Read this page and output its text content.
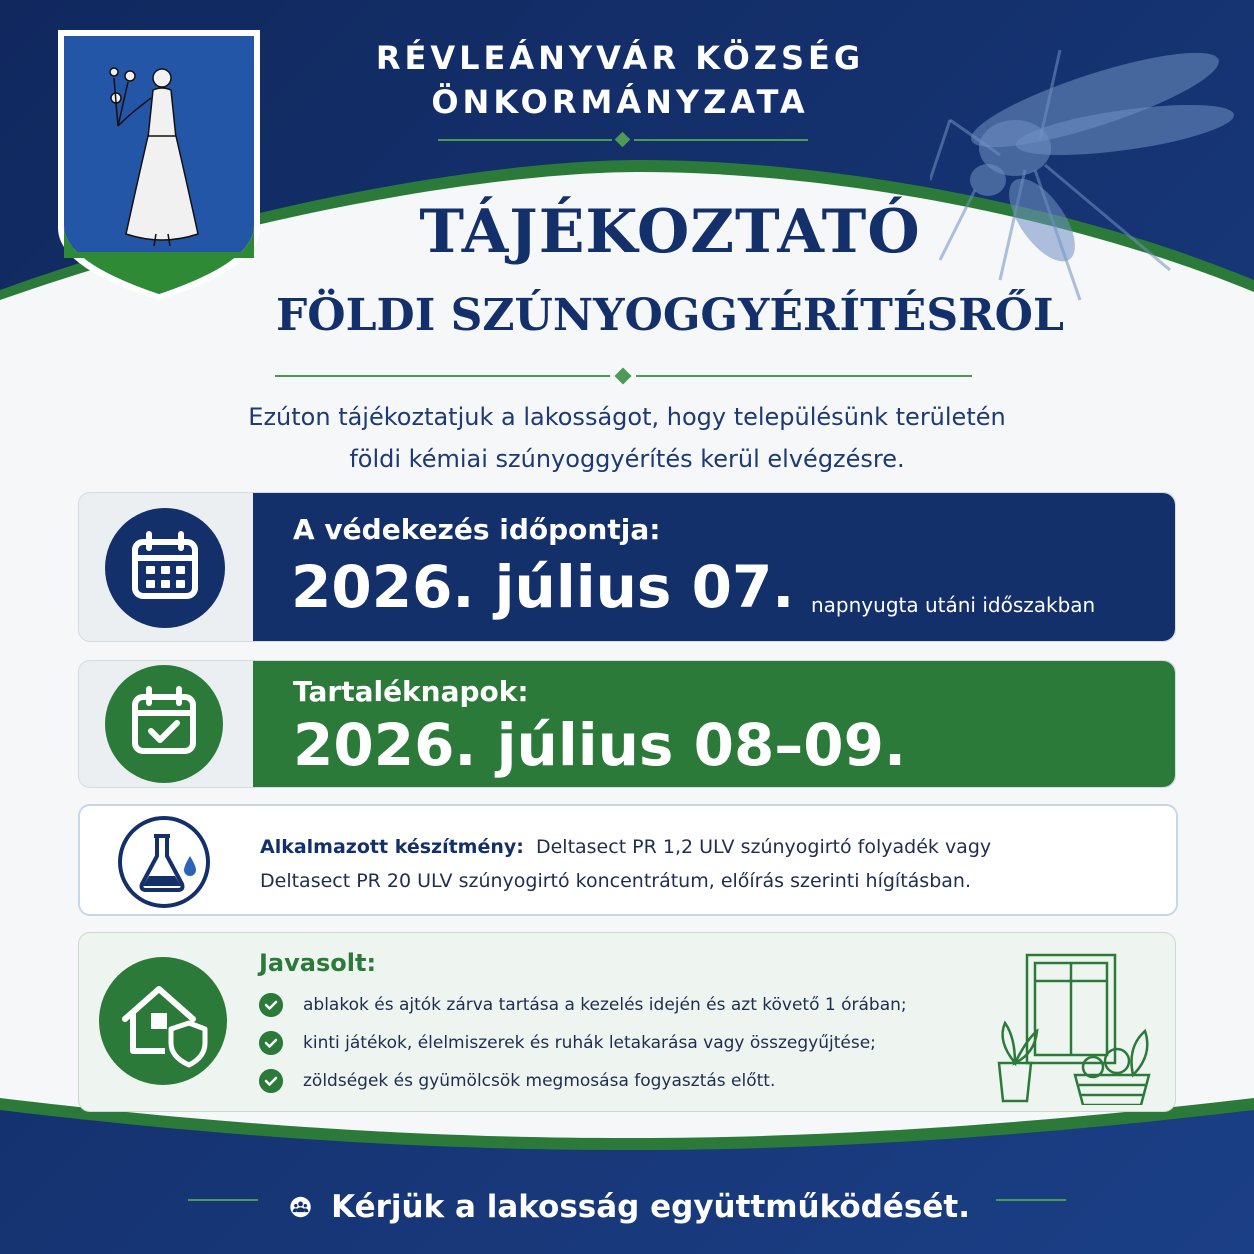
RÉVLEÁNYVÁR KÖZSÉG
ÖNKORMÁNYZATA
TÁJÉKOZTATÓ
FÖLDI SZÚNYOGGYÉRÍTÉSRŐL
Ezúton tájékoztatjuk a lakosságot, hogy településünk területén
földi kémiai szúnyoggyérítés kerül elvégzésre.
A védekezés időpontja:
2026. július 07. napnyugta utáni időszakban
Tartaléknapok:
2026. július 08–09.
Alkalmazott készítmény: Deltasect PR 1,2 ULV szúnyogirtó folyadék vagy
Deltasect PR 20 ULV szúnyogirtó koncentrátum, előírás szerinti hígításban.
Javasolt:
ablakok és ajtók zárva tartása a kezelés idején és azt követő 1 órában;
kinti játékok, élelmiszerek és ruhák letakarása vagy összegyűjtése;
zöldségek és gyümölcsök megmosása fogyasztás előtt.
Kérjük a lakosság együttműködését.
